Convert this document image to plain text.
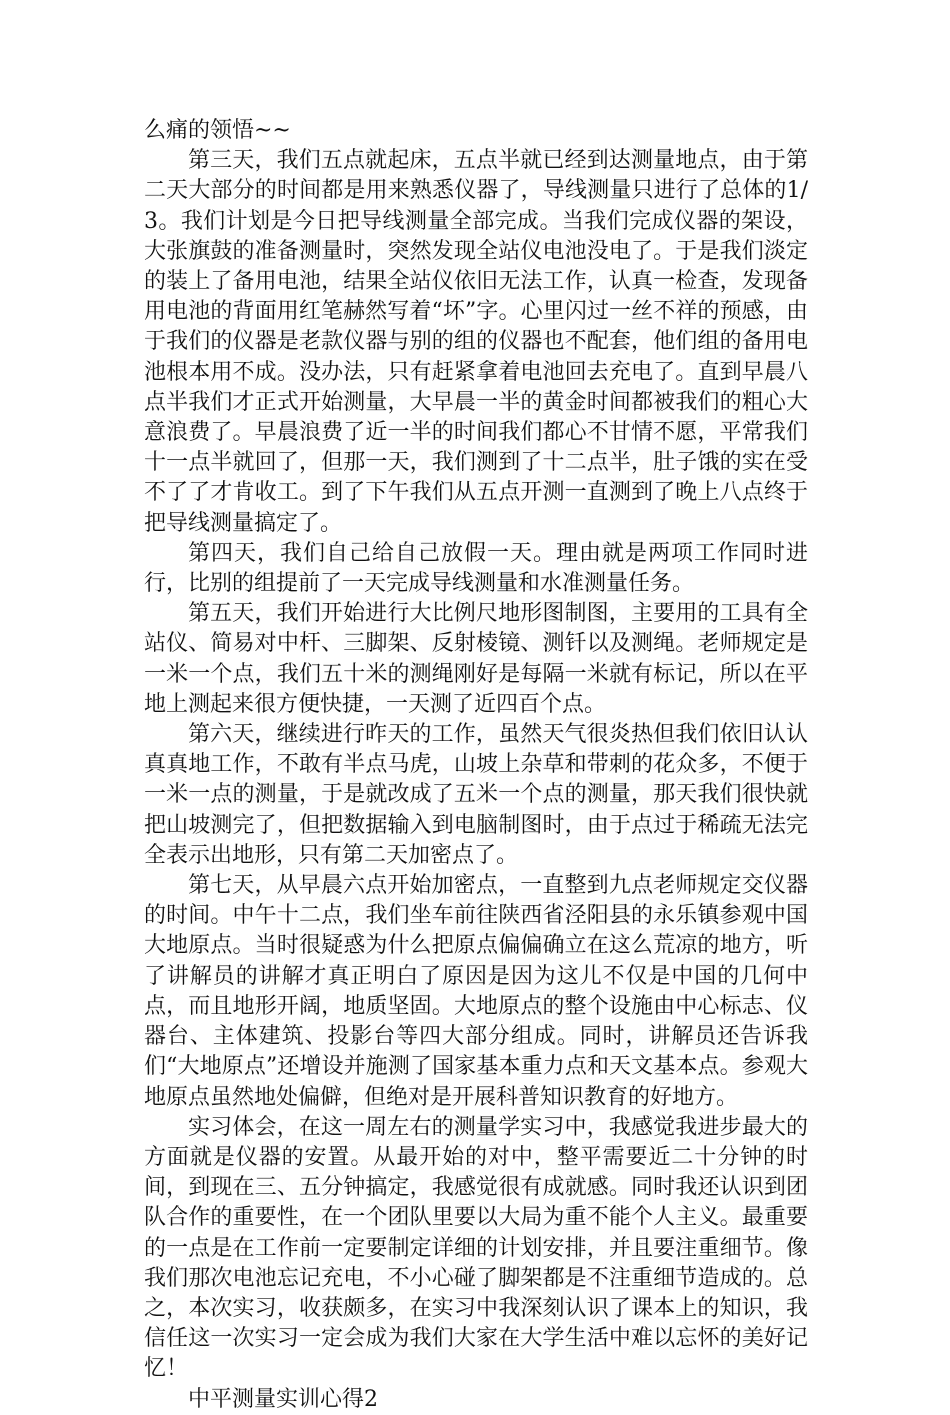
么痛的领悟~~

第三天，我们五点就起床，五点半就已经到达测量地点，由于第二天大部分的时间都是用来熟悉仪器了，导线测量只进行了总体的1/3。我们计划是今日把导线测量全部完成。当我们完成仪器的架设，大张旗鼓的准备测量时，突然发现全站仪电池没电了。于是我们淡定的装上了备用电池，结果全站仪依旧无法工作，认真一检查，发现备用电池的背面用红笔赫然写着“坏”字。心里闪过一丝不祥的预感，由于我们的仪器是老款仪器与别的组的仪器也不配套，他们组的备用电池根本用不成。没办法，只有赶紧拿着电池回去充电了。直到早晨八点半我们才正式开始测量，大早晨一半的黄金时间都被我们的粗心大意浪费了。早晨浪费了近一半的时间我们都心不甘情不愿，平常我们十一点半就回了，但那一天，我们测到了十二点半，肚子饿的实在受不了了才肯收工。到了下午我们从五点开测一直测到了晚上八点终于把导线测量搞定了。

第四天，我们自己给自己放假一天。理由就是两项工作同时进行，比别的组提前了一天完成导线测量和水准测量任务。

第五天，我们开始进行大比例尺地形图制图，主要用的工具有全站仪、简易对中杆、三脚架、反射棱镜、测钎以及测绳。老师规定是一米一个点，我们五十米的测绳刚好是每隔一米就有标记，所以在平地上测起来很方便快捷，一天测了近四百个点。

第六天，继续进行昨天的工作，虽然天气很炎热但我们依旧认认真真地工作，不敢有半点马虎，山坡上杂草和带刺的花众多，不便于一米一点的测量，于是就改成了五米一个点的测量，那天我们很快就把山坡测完了，但把数据输入到电脑制图时，由于点过于稀疏无法完全表示出地形，只有第二天加密点了。

第七天，从早晨六点开始加密点，一直整到九点老师规定交仪器的时间。中午十二点，我们坐车前往陕西省泾阳县的永乐镇参观中国大地原点。当时很疑惑为什么把原点偏偏确立在这么荒凉的地方，听了讲解员的讲解才真正明白了原因是因为这儿不仅是中国的几何中点，而且地形开阔，地质坚固。大地原点的整个设施由中心标志、仪器台、主体建筑、投影台等四大部分组成。同时，讲解员还告诉我们“大地原点”还增设并施测了国家基本重力点和天文基本点。参观大地原点虽然地处偏僻，但绝对是开展科普知识教育的好地方。

实习体会，在这一周左右的测量学实习中，我感觉我进步最大的方面就是仪器的安置。从最开始的对中，整平需要近二十分钟的时间，到现在三、五分钟搞定，我感觉很有成就感。同时我还认识到团队合作的重要性，在一个团队里要以大局为重不能个人主义。最重要的一点是在工作前一定要制定详细的计划安排，并且要注重细节。像我们那次电池忘记充电，不小心碰了脚架都是不注重细节造成的。总之，本次实习，收获颇多，在实习中我深刻认识了课本上的知识，我信任这一次实习一定会成为我们大家在大学生活中难以忘怀的美好记忆！

中平测量实训心得2
